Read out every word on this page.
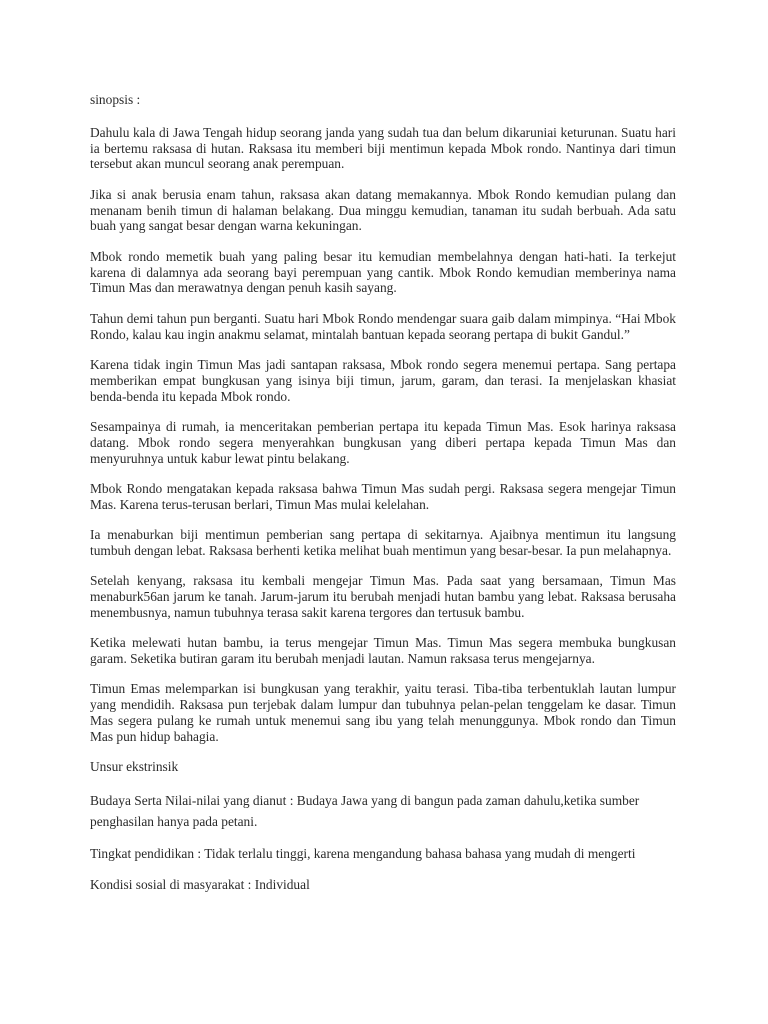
sinopsis :

Dahulu kala di Jawa Tengah hidup seorang janda yang sudah tua dan belum dikaruniai keturunan. Suatu hari ia bertemu raksasa di hutan. Raksasa itu memberi biji mentimun kepada Mbok rondo. Nantinya dari timun tersebut akan muncul seorang anak perempuan.

Jika si anak berusia enam tahun, raksasa akan datang memakannya. Mbok Rondo kemudian pulang dan menanam benih timun di halaman belakang. Dua minggu kemudian, tanaman itu sudah berbuah. Ada satu buah yang sangat besar dengan warna kekuningan.

Mbok rondo memetik buah yang paling besar itu kemudian membelahnya dengan hati-hati. Ia terkejut karena di dalamnya ada seorang bayi perempuan yang cantik. Mbok Rondo kemudian memberinya nama Timun Mas dan merawatnya dengan penuh kasih sayang.

Tahun demi tahun pun berganti. Suatu hari Mbok Rondo mendengar suara gaib dalam mimpinya. “Hai Mbok Rondo, kalau kau ingin anakmu selamat, mintalah bantuan kepada seorang pertapa di bukit Gandul.”

Karena tidak ingin Timun Mas jadi santapan raksasa, Mbok rondo segera menemui pertapa. Sang pertapa memberikan empat bungkusan yang isinya biji timun, jarum, garam, dan terasi. Ia menjelaskan khasiat benda-benda itu kepada Mbok rondo.

Sesampainya di rumah, ia menceritakan pemberian pertapa itu kepada Timun Mas. Esok harinya raksasa datang. Mbok rondo segera menyerahkan bungkusan yang diberi pertapa kepada Timun Mas dan menyuruhnya untuk kabur lewat pintu belakang.

Mbok Rondo mengatakan kepada raksasa bahwa Timun Mas sudah pergi. Raksasa segera mengejar Timun Mas. Karena terus-terusan berlari, Timun Mas mulai kelelahan.

Ia menaburkan biji mentimun pemberian sang pertapa di sekitarnya. Ajaibnya mentimun itu langsung tumbuh dengan lebat. Raksasa berhenti ketika melihat buah mentimun yang besar-besar. Ia pun melahapnya.

Setelah kenyang, raksasa itu kembali mengejar Timun Mas. Pada saat yang bersamaan, Timun Mas menaburk56an jarum ke tanah. Jarum-jarum itu berubah menjadi hutan bambu yang lebat. Raksasa berusaha menembusnya, namun tubuhnya terasa sakit karena tergores dan tertusuk bambu.

Ketika melewati hutan bambu, ia terus mengejar Timun Mas. Timun Mas segera membuka bungkusan garam. Seketika butiran garam itu berubah menjadi lautan. Namun raksasa terus mengejarnya.

Timun Emas melemparkan isi bungkusan yang terakhir, yaitu terasi. Tiba-tiba terbentuklah lautan lumpur yang mendidih. Raksasa pun terjebak dalam lumpur dan tubuhnya pelan-pelan tenggelam ke dasar. Timun Mas segera pulang ke rumah untuk menemui sang ibu yang telah menunggunya. Mbok rondo dan Timun Mas pun hidup bahagia.

Unsur ekstrinsik

Budaya Serta Nilai-nilai yang dianut : Budaya Jawa yang di bangun pada zaman dahulu,ketika sumber penghasilan hanya pada petani.

Tingkat pendidikan : Tidak terlalu tinggi, karena mengandung bahasa bahasa yang mudah di mengerti

Kondisi sosial di masyarakat : Individual
